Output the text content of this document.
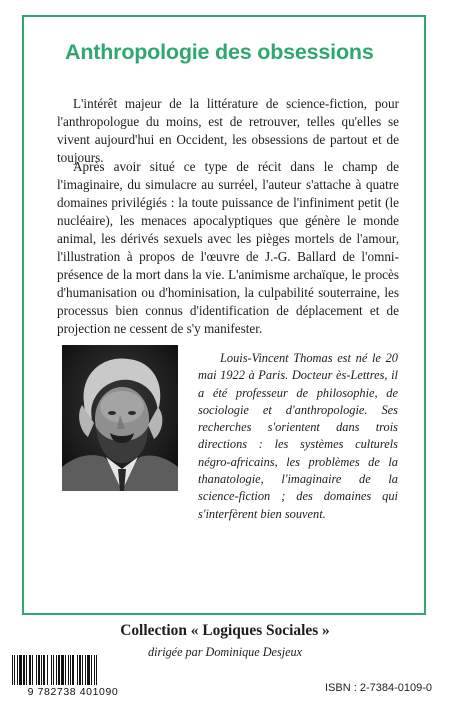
Anthropologie des obsessions

L'intérêt majeur de la littérature de science-fiction, pour l'anthropologue du moins, est de retrouver, telles qu'elles se vivent aujourd'hui en Occident, les obsessions de partout et de toujours.

Après avoir situé ce type de récit dans le champ de l'imaginaire, du simulacre au surréel, l'auteur s'attache à quatre domaines privilégiés : la toute puissance de l'infiniment petit (le nucléaire), les menaces apocalyptiques que génère le monde animal, les dérivés sexuels avec les pièges mortels de l'amour, l'illustration à propos de l'œuvre de J.-G. Ballard de l'omniprésence de la mort dans la vie. L'animisme archaïque, le procès d'humanisation ou d'hominisation, la culpabilité souterraine, les processus bien connus d'identification de déplacement et de projection ne cessent de s'y manifester.

Louis-Vincent Thomas est né le 20 mai 1922 à Paris. Docteur ès-Lettres, il a été professeur de philosophie, de sociologie et d'anthropologie. Ses recherches s'orientent dans trois directions : les systèmes culturels négro-africains, les problèmes de la thanatologie, l'imaginaire de la science-fiction ; des domaines qui s'interfèrent bien souvent.

Collection « Logiques Sociales »

dirigée par Dominique Desjeux

9 782738 401090	ISBN : 2-7384-0109-0
